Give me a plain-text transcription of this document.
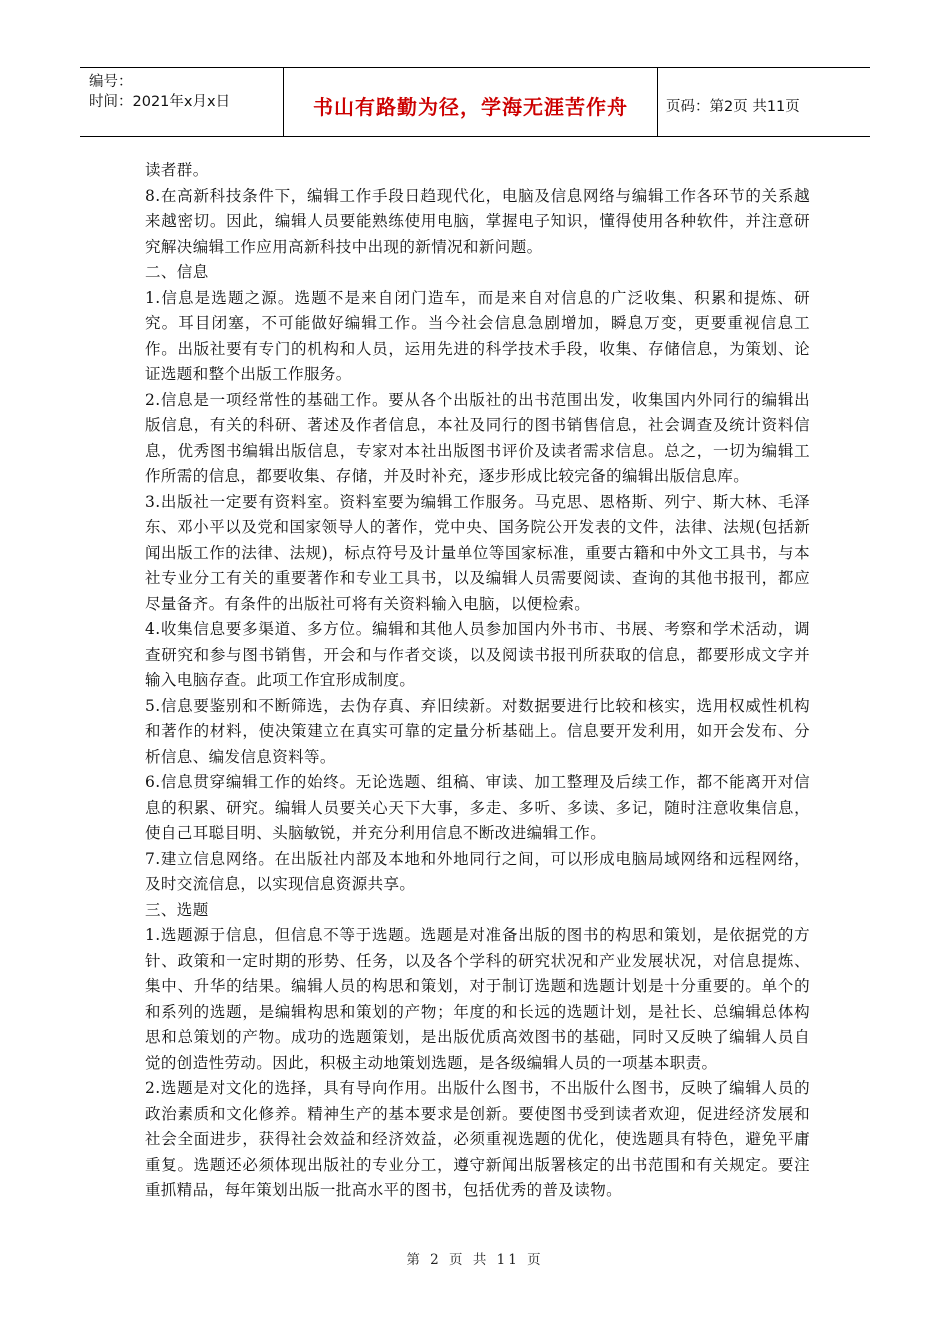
编号：
时间：2021年x月x日	书山有路勤为径，学海无涯苦作舟	页码：第2页 共11页

读者群。

8.在高新科技条件下，编辑工作手段日趋现代化，电脑及信息网络与编辑工作各环节的关系越来越密切。因此，编辑人员要能熟练使用电脑，掌握电子知识，懂得使用各种软件，并注意研究解决编辑工作应用高新科技中出现的新情况和新问题。

二、信息

1.信息是选题之源。选题不是来自闭门造车，而是来自对信息的广泛收集、积累和提炼、研究。耳目闭塞，不可能做好编辑工作。当今社会信息急剧增加，瞬息万变，更要重视信息工作。出版社要有专门的机构和人员，运用先进的科学技术手段，收集、存储信息，为策划、论证选题和整个出版工作服务。

2.信息是一项经常性的基础工作。要从各个出版社的出书范围出发，收集国内外同行的编辑出版信息，有关的科研、著述及作者信息，本社及同行的图书销售信息，社会调查及统计资料信息，优秀图书编辑出版信息，专家对本社出版图书评价及读者需求信息。总之，一切为编辑工作所需的信息，都要收集、存储，并及时补充，逐步形成比较完备的编辑出版信息库。

3.出版社一定要有资料室。资料室要为编辑工作服务。马克思、恩格斯、列宁、斯大林、毛泽东、邓小平以及党和国家领导人的著作，党中央、国务院公开发表的文件，法律、法规(包括新闻出版工作的法律、法规)，标点符号及计量单位等国家标准，重要古籍和中外文工具书，与本社专业分工有关的重要著作和专业工具书，以及编辑人员需要阅读、查询的其他书报刊，都应尽量备齐。有条件的出版社可将有关资料输入电脑，以便检索。

4.收集信息要多渠道、多方位。编辑和其他人员参加国内外书市、书展、考察和学术活动，调查研究和参与图书销售，开会和与作者交谈，以及阅读书报刊所获取的信息，都要形成文字并输入电脑存查。此项工作宜形成制度。

5.信息要鉴别和不断筛选，去伪存真、弃旧续新。对数据要进行比较和核实，选用权威性机构和著作的材料，使决策建立在真实可靠的定量分析基础上。信息要开发利用，如开会发布、分析信息、编发信息资料等。

6.信息贯穿编辑工作的始终。无论选题、组稿、审读、加工整理及后续工作，都不能离开对信息的积累、研究。编辑人员要关心天下大事，多走、多听、多读、多记，随时注意收集信息，使自己耳聪目明、头脑敏锐，并充分利用信息不断改进编辑工作。

7.建立信息网络。在出版社内部及本地和外地同行之间，可以形成电脑局域网络和远程网络，及时交流信息，以实现信息资源共享。

三、选题

1.选题源于信息，但信息不等于选题。选题是对准备出版的图书的构思和策划，是依据党的方针、政策和一定时期的形势、任务，以及各个学科的研究状况和产业发展状况，对信息提炼、集中、升华的结果。编辑人员的构思和策划，对于制订选题和选题计划是十分重要的。单个的和系列的选题，是编辑构思和策划的产物；年度的和长远的选题计划，是社长、总编辑总体构思和总策划的产物。成功的选题策划，是出版优质高效图书的基础，同时又反映了编辑人员自觉的创造性劳动。因此，积极主动地策划选题，是各级编辑人员的一项基本职责。

2.选题是对文化的选择，具有导向作用。出版什么图书，不出版什么图书，反映了编辑人员的政治素质和文化修养。精神生产的基本要求是创新。要使图书受到读者欢迎，促进经济发展和社会全面进步，获得社会效益和经济效益，必须重视选题的优化，使选题具有特色，避免平庸重复。选题还必须体现出版社的专业分工，遵守新闻出版署核定的出书范围和有关规定。要注重抓精品，每年策划出版一批高水平的图书，包括优秀的普及读物。

第 2 页 共 11 页
